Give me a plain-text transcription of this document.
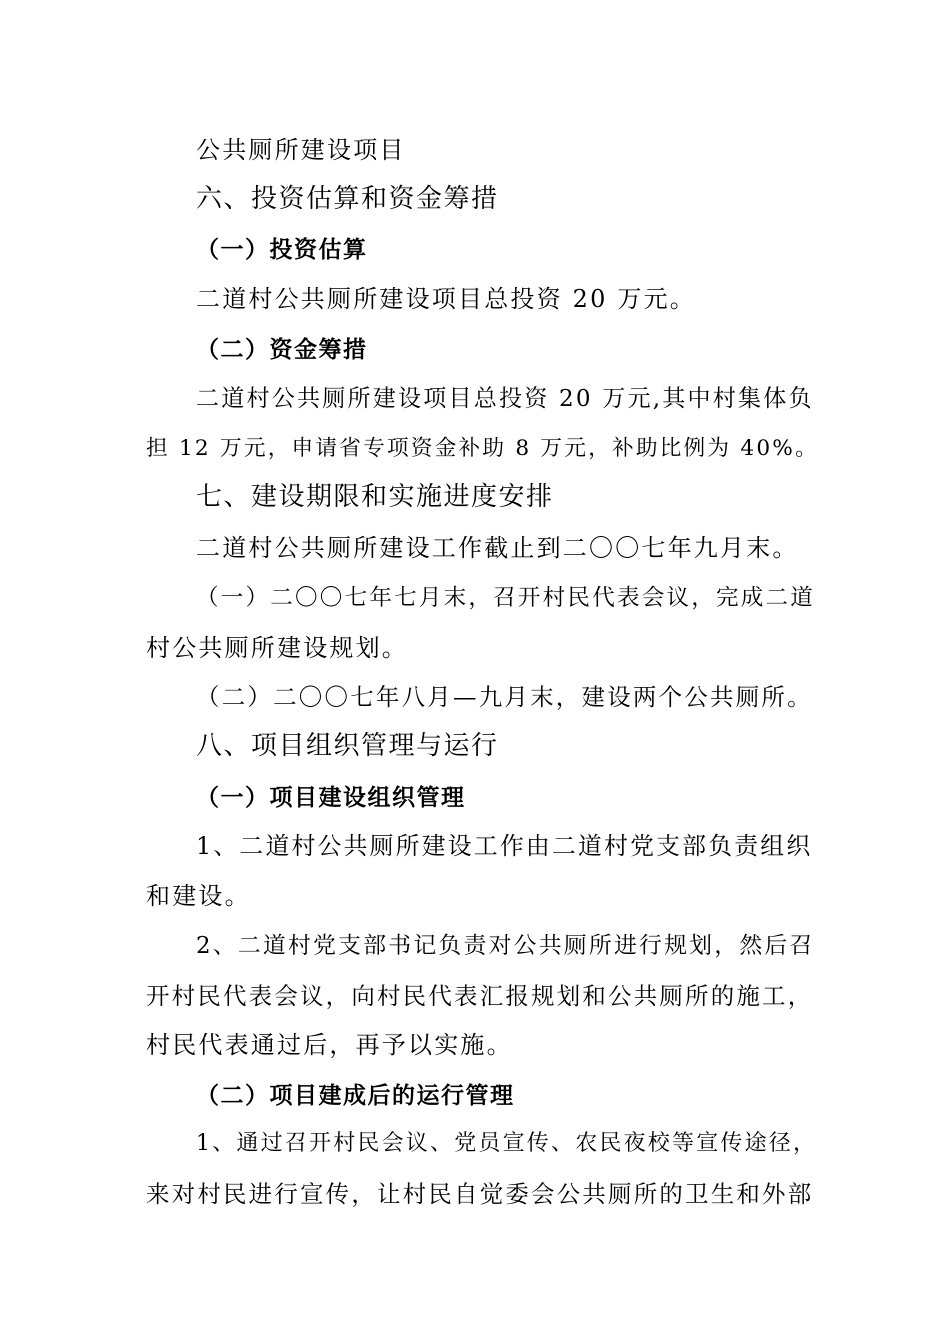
公共厕所建设项目
六、投资估算和资金筹措
（一）投资估算
二道村公共厕所建设项目总投资 20 万元。
（二）资金筹措
二道村公共厕所建设项目总投资 20 万元,其中村集体负
担 12 万元，申请省专项资金补助 8 万元，补助比例为 40%。
七、建设期限和实施进度安排
二道村公共厕所建设工作截止到二〇〇七年九月末。
（一）二〇〇七年七月末，召开村民代表会议，完成二道
村公共厕所建设规划。
（二）二〇〇七年八月—九月末，建设两个公共厕所。
八、项目组织管理与运行
（一）项目建设组织管理
1、二道村公共厕所建设工作由二道村党支部负责组织
和建设。
2、二道村党支部书记负责对公共厕所进行规划，然后召
开村民代表会议，向村民代表汇报规划和公共厕所的施工，
村民代表通过后，再予以实施。
（二）项目建成后的运行管理
1、通过召开村民会议、党员宣传、农民夜校等宣传途径，
来对村民进行宣传，让村民自觉委会公共厕所的卫生和外部
